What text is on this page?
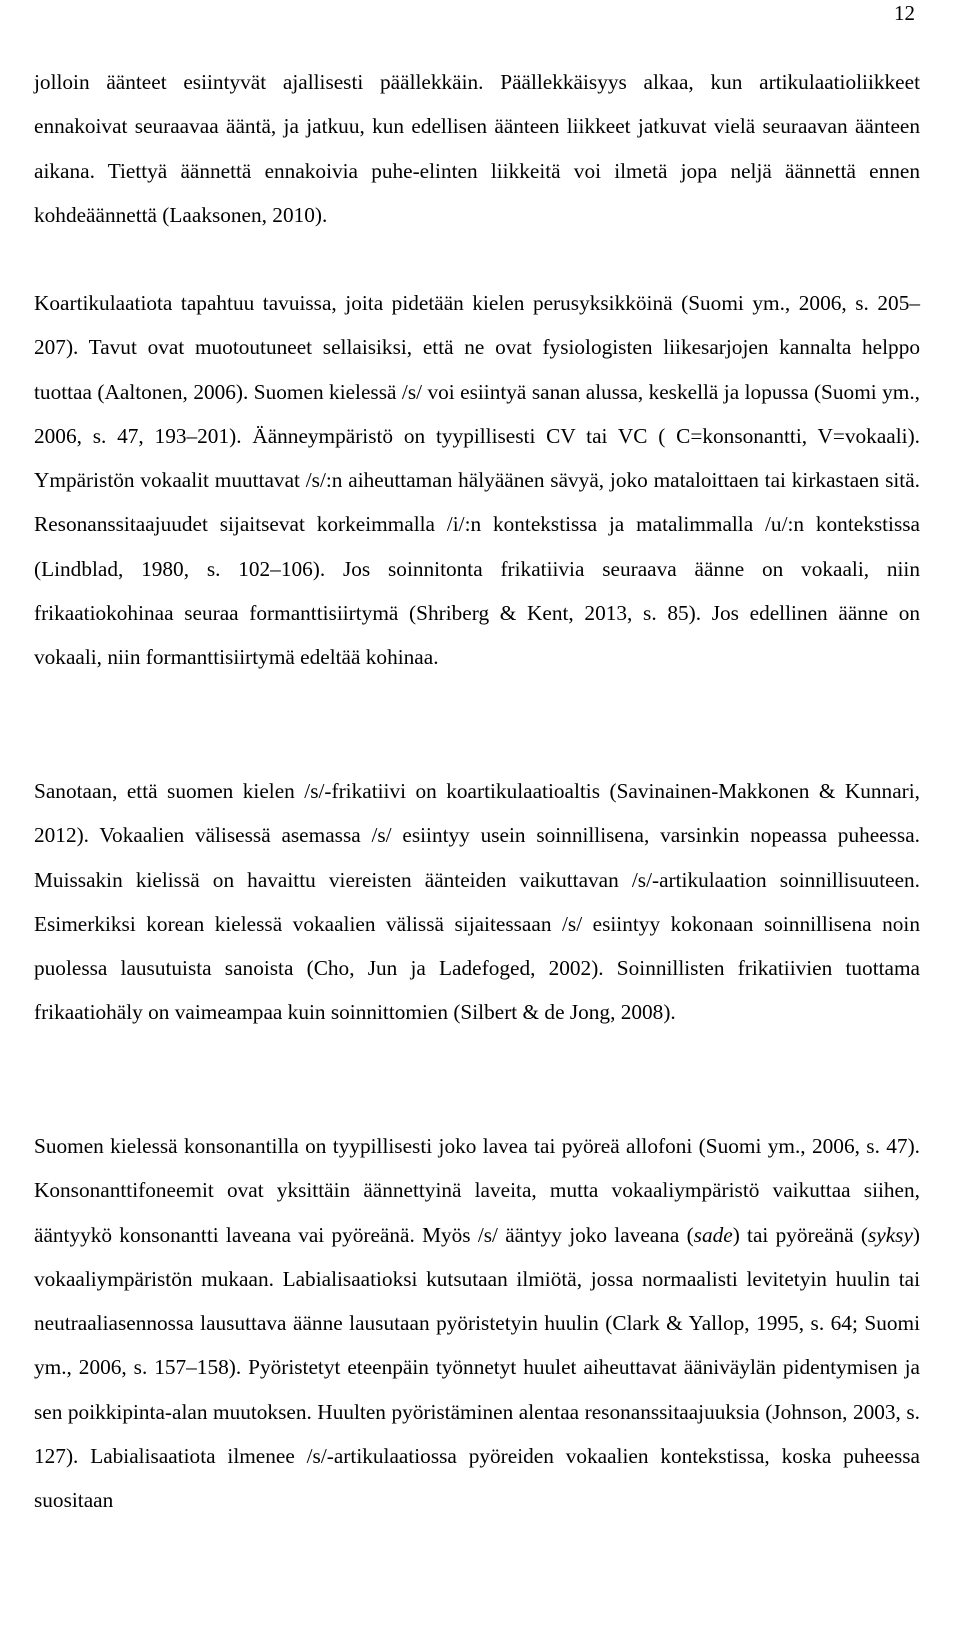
12

jolloin äänteet esiintyvät ajallisesti päällekkäin. Päällekkäisyys alkaa, kun artikulaatioliikkeet ennakoivat seuraavaa ääntä, ja jatkuu, kun edellisen äänteen liikkeet jatkuvat vielä seuraavan äänteen aikana. Tiettyä äännettä ennakoivia puhe-elinten liikkeitä voi ilmetä jopa neljä äännettä ennen kohdeäännettä (Laaksonen, 2010).

Koartikulaatiota tapahtuu tavuissa, joita pidetään kielen perusyksikköinä (Suomi ym., 2006, s. 205–207). Tavut ovat muotoutuneet sellaisiksi, että ne ovat fysiologisten liikesarjojen kannalta helppo tuottaa (Aaltonen, 2006). Suomen kielessä /s/ voi esiintyä sanan alussa, keskellä ja lopussa (Suomi ym., 2006, s. 47, 193–201). Äänneympäristö on tyypillisesti CV tai VC ( C=konsonantti, V=vokaali). Ympäristön vokaalit muuttavat /s/:n aiheuttaman hälyäänen sävyä, joko mataloittaen tai kirkastaen sitä. Resonanssitaajuudet sijaitsevat korkeimmalla /i/:n kontekstissa ja matalimmalla /u/:n kontekstissa (Lindblad, 1980, s. 102–106). Jos soinnitonta frikatiivia seuraava äänne on vokaali, niin frikaatiokohinaa seuraa formanttisiirtymä (Shriberg & Kent, 2013, s. 85). Jos edellinen äänne on vokaali, niin formanttisiirtymä edeltää kohinaa.

Sanotaan, että suomen kielen /s/-frikatiivi on koartikulaatioaltis (Savinainen-Makkonen & Kunnari, 2012). Vokaalien välisessä asemassa /s/ esiintyy usein soinnillisena, varsinkin nopeassa puheessa. Muissakin kielissä on havaittu viereisten äänteiden vaikuttavan /s/-artikulaation soinnillisuuteen. Esimerkiksi korean kielessä vokaalien välissä sijaitessaan /s/ esiintyy kokonaan soinnillisena noin puolessa lausutuista sanoista (Cho, Jun ja Ladefoged, 2002). Soinnillisten frikatiivien tuottama frikaatiohäly on vaimeampaa kuin soinnittomien (Silbert & de Jong, 2008).

Suomen kielessä konsonantilla on tyypillisesti joko lavea tai pyöreä allofoni (Suomi ym., 2006, s. 47). Konsonanttifoneemit ovat yksittäin äännettyinä laveita, mutta vokaaliympäristö vaikuttaa siihen, ääntyykö konsonantti laveana vai pyöreänä. Myös /s/ ääntyy joko laveana (sade) tai pyöreänä (syksy) vokaaliympäristön mukaan. Labialisaatioksi kutsutaan ilmiötä, jossa normaalisti levitetyin huulin tai neutraaliasennossa lausuttava äänne lausutaan pyöristetyin huulin (Clark & Yallop, 1995, s. 64; Suomi ym., 2006, s. 157–158). Pyöristetyt eteenpäin työnnetyt huulet aiheuttavat ääniväylän pidentymisen ja sen poikkipinta-alan muutoksen. Huulten pyöristäminen alentaa resonanssitaajuuksia (Johnson, 2003, s. 127). Labialisaatiota ilmenee /s/-artikulaatiossa pyöreiden vokaalien kontekstissa, koska puheessa suositaan
